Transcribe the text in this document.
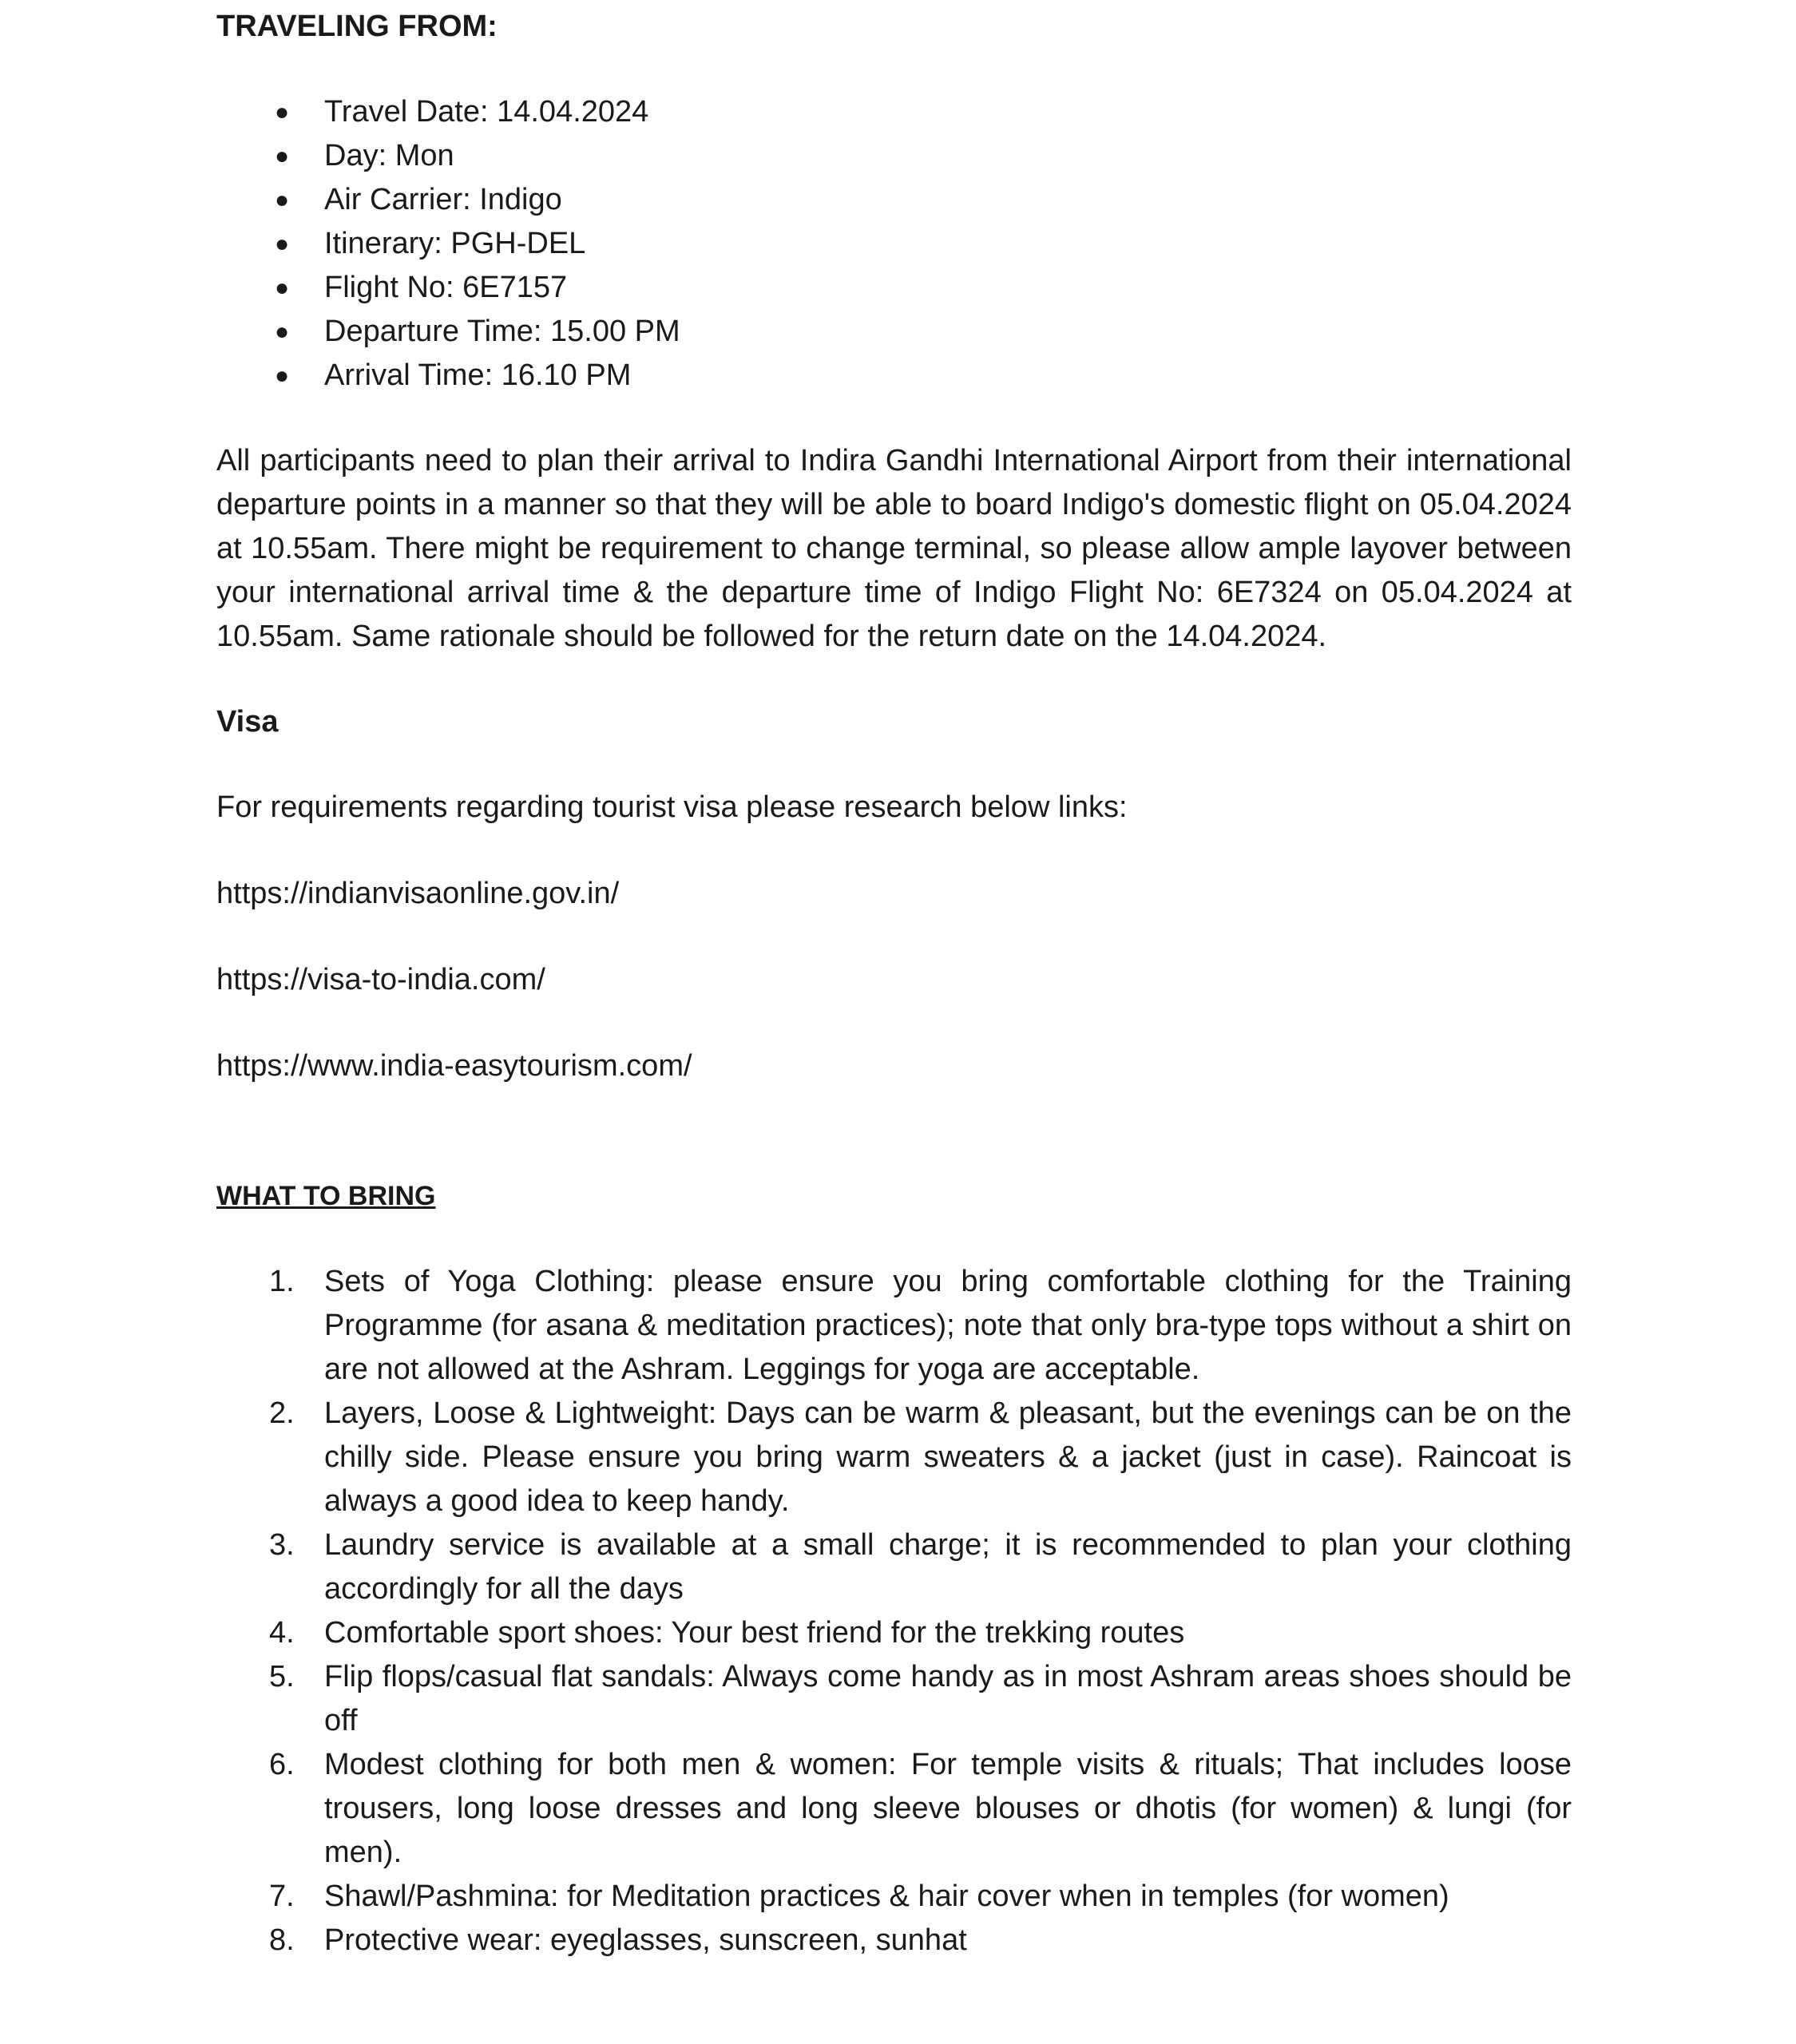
TRAVELING FROM:
● Travel Date: 14.04.2024
● Day: Mon
● Air Carrier: Indigo
● Itinerary: PGH-DEL
● Flight No: 6E7157
● Departure Time: 15.00 PM
● Arrival Time: 16.10 PM

All participants need to plan their arrival to Indira Gandhi International Airport from their international departure points in a manner so that they will be able to board Indigo's domestic flight on 05.04.2024 at 10.55am. There might be requirement to change terminal, so please allow ample layover between your international arrival time & the departure time of Indigo Flight No: 6E7324 on 05.04.2024 at 10.55am. Same rationale should be followed for the return date on the 14.04.2024.

Visa

For requirements regarding tourist visa please research below links:

https://indianvisaonline.gov.in/

https://visa-to-india.com/

https://www.india-easytourism.com/

WHAT TO BRING
1. Sets of Yoga Clothing: please ensure you bring comfortable clothing for the Training Programme (for asana & meditation practices); note that only bra-type tops without a shirt on are not allowed at the Ashram. Leggings for yoga are acceptable.
2. Layers, Loose & Lightweight: Days can be warm & pleasant, but the evenings can be on the chilly side. Please ensure you bring warm sweaters & a jacket (just in case). Raincoat is always a good idea to keep handy.
3. Laundry service is available at a small charge; it is recommended to plan your clothing accordingly for all the days
4. Comfortable sport shoes: Your best friend for the trekking routes
5. Flip flops/casual flat sandals: Always come handy as in most Ashram areas shoes should be off
6. Modest clothing for both men & women: For temple visits & rituals; That includes loose trousers, long loose dresses and long sleeve blouses or dhotis (for women) & lungi (for men).
7. Shawl/Pashmina: for Meditation practices & hair cover when in temples (for women)
8. Protective wear: eyeglasses, sunscreen, sunhat
